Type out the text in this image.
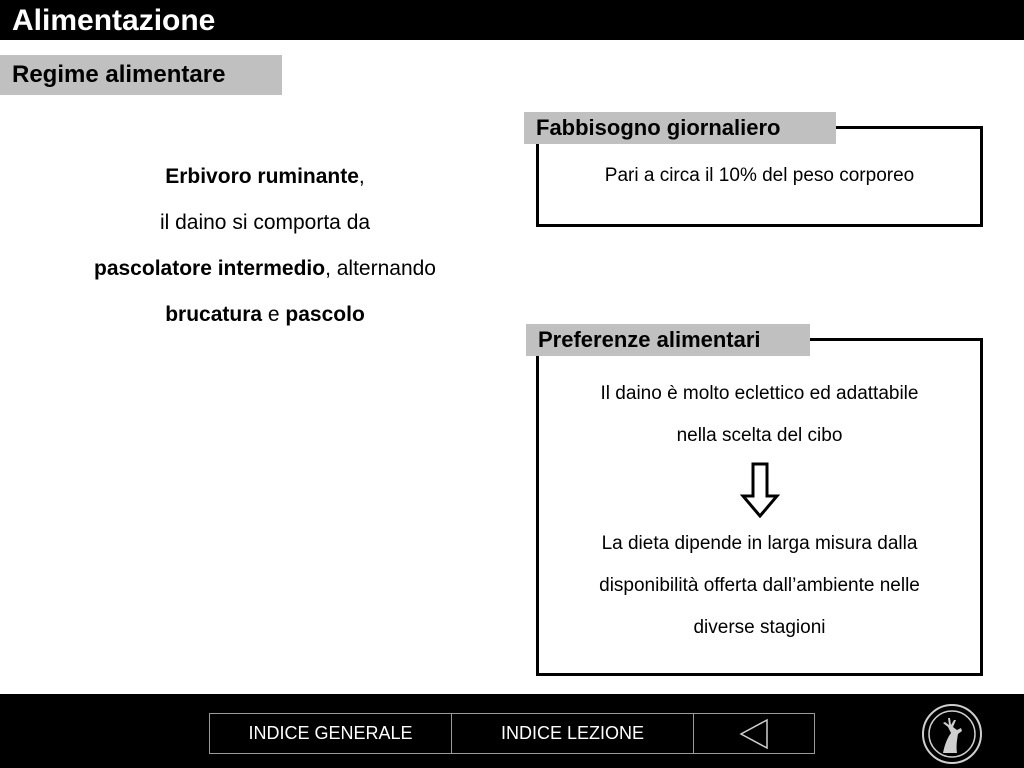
Alimentazione
Regime alimentare
Erbivoro ruminante,
il daino si comporta da
pascolatore intermedio, alternando
brucatura e pascolo
Pari a circa il 10% del peso corporeo
Fabbisogno giornaliero
Il daino è molto eclettico ed adattabile
nella scelta del cibo
La dieta dipende in larga misura dalla
disponibilità offerta dall’ambiente nelle
diverse stagioni
Preferenze alimentari
INDICE GENERALE	INDICE LEZIONE
